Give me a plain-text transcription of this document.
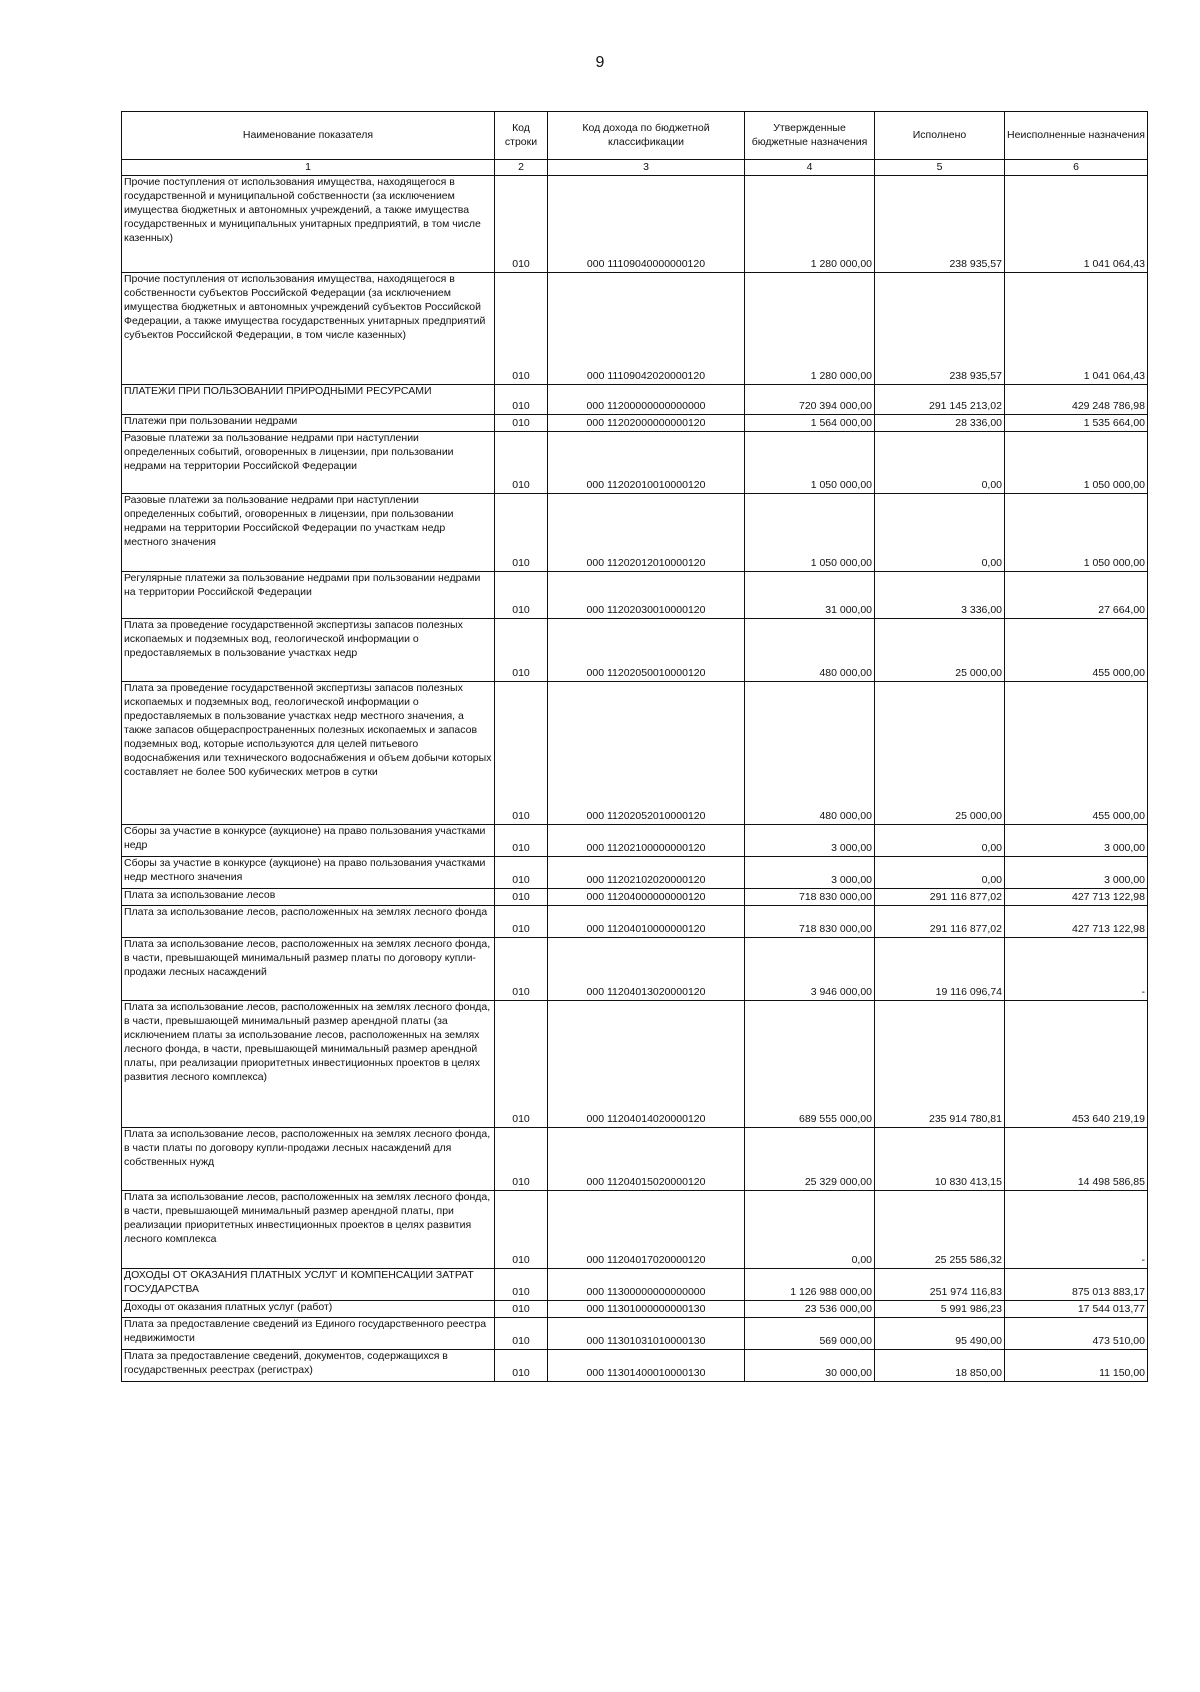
9
Наименование показателя	Код строки	Код дохода по бюджетной классификации	Утвержденные бюджетные назначения	Исполнено	Неисполненные назначения
1	2	3	4	5	6

Прочие поступления от использования имущества, находящегося в государственной и муниципальной собственности (за исключением имущества бюджетных и автономных учреждений, а также имущества государственных и муниципальных унитарных предприятий, в том числе казенных)	010	000 11109040000000120	1 280 000,00	238 935,57	1 041 064,43

Прочие поступления от использования имущества, находящегося в собственности субъектов Российской Федерации (за исключением имущества бюджетных и автономных учреждений субъектов Российской Федерации, а также имущества государственных унитарных предприятий субъектов Российской Федерации, в том числе казенных)	010	000 11109042020000120	1 280 000,00	238 935,57	1 041 064,43

ПЛАТЕЖИ ПРИ ПОЛЬЗОВАНИИ ПРИРОДНЫМИ РЕСУРСАМИ	010	000 11200000000000000	720 394 000,00	291 145 213,02	429 248 786,98

Платежи при пользовании недрами	010	000 11202000000000120	1 564 000,00	28 336,00	1 535 664,00

Разовые платежи за пользование недрами при наступлении определенных событий, оговоренных в лицензии, при пользовании недрами на территории Российской Федерации	010	000 11202010010000120	1 050 000,00	0,00	1 050 000,00

Разовые платежи за пользование недрами при наступлении определенных событий, оговоренных в лицензии, при пользовании недрами на территории Российской Федерации по участкам недр местного значения	010	000 11202012010000120	1 050 000,00	0,00	1 050 000,00

Регулярные платежи за пользование недрами при пользовании недрами на территории Российской Федерации	010	000 11202030010000120	31 000,00	3 336,00	27 664,00

Плата за проведение государственной экспертизы запасов полезных ископаемых и подземных вод, геологической информации о предоставляемых в пользование участках недр	010	000 11202050010000120	480 000,00	25 000,00	455 000,00

Плата за проведение государственной экспертизы запасов полезных ископаемых и подземных вод, геологической информации о предоставляемых в пользование участках недр местного значения, а также запасов общераспространенных полезных ископаемых и запасов подземных вод, которые используются для целей питьевого водоснабжения или технического водоснабжения и объем добычи которых составляет не более 500 кубических метров в сутки	010	000 11202052010000120	480 000,00	25 000,00	455 000,00

Сборы за участие в конкурсе (аукционе) на право пользования участками недр	010	000 11202100000000120	3 000,00	0,00	3 000,00

Сборы за участие в конкурсе (аукционе) на право пользования участками недр местного значения	010	000 11202102020000120	3 000,00	0,00	3 000,00

Плата за использование лесов	010	000 11204000000000120	718 830 000,00	291 116 877,02	427 713 122,98

Плата за использование лесов, расположенных на землях лесного фонда	010	000 11204010000000120	718 830 000,00	291 116 877,02	427 713 122,98

Плата за использование лесов, расположенных на землях лесного фонда, в части, превышающей минимальный размер платы по договору купли-продажи лесных насаждений	010	000 11204013020000120	3 946 000,00	19 116 096,74	-

Плата за использование лесов, расположенных на землях лесного фонда, в части, превышающей минимальный размер арендной платы (за исключением платы за использование лесов, расположенных на землях лесного фонда, в части, превышающей минимальный размер арендной платы, при реализации приоритетных инвестиционных проектов в целях развития лесного комплекса)	010	000 11204014020000120	689 555 000,00	235 914 780,81	453 640 219,19

Плата за использование лесов, расположенных на землях лесного фонда, в части платы по договору купли-продажи лесных насаждений для собственных нужд	010	000 11204015020000120	25 329 000,00	10 830 413,15	14 498 586,85

Плата за использование лесов, расположенных на землях лесного фонда, в части, превышающей минимальный размер арендной платы, при реализации приоритетных инвестиционных проектов в целях развития лесного комплекса	010	000 11204017020000120	0,00	25 255 586,32	-

ДОХОДЫ ОТ ОКАЗАНИЯ ПЛАТНЫХ УСЛУГ И КОМПЕНСАЦИИ ЗАТРАТ ГОСУДАРСТВА	010	000 11300000000000000	1 126 988 000,00	251 974 116,83	875 013 883,17

Доходы от оказания платных услуг (работ)	010	000 11301000000000130	23 536 000,00	5 991 986,23	17 544 013,77

Плата за предоставление сведений из Единого государственного реестра недвижимости	010	000 11301031010000130	569 000,00	95 490,00	473 510,00

Плата за предоставление сведений, документов, содержащихся в государственных реестрах (регистрах)	010	000 11301400010000130	30 000,00	18 850,00	11 150,00
